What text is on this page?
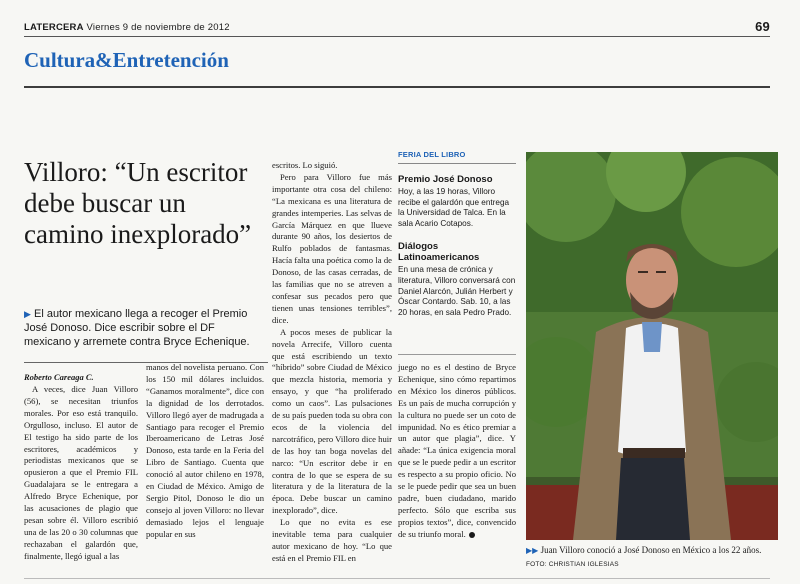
LATERCERA Viernes 9 de noviembre de 2012	69
Cultura&Entretención
Villoro: “Un escritor debe buscar un camino inexplorado”
▶ El autor mexicano llega a recoger el Premio José Donoso. Dice escribir sobre el DF mexicano y arremete contra Bryce Echenique.
Roberto Careaga C.

A veces, dice Juan Villoro (56), se necesitan triunfos morales. Por eso está tranquilo. Orgulloso, incluso. El autor de El testigo ha sido parte de los escritores, académicos y periodistas mexicanos que se opusieron a que el Premio FIL Guadalajara se le entregara a Alfredo Bryce Echenique, por las acusaciones de plagio que pesan sobre él. Villoro escribió una de las 20 o 30 columnas que rechazaban el galardón que, finalmente, llegó igual a las

manos del novelista peruano. Con los 150 mil dólares incluidos. “Ganamos moralmente”, dice con la dignidad de los derrotados. Villoro llegó ayer de madrugada a Santiago para recoger el Premio Iberoamericano de Letras José Donoso, esta tarde en la Feria del Libro de Santiago. Cuenta que conoció al autor chileno en 1978, en Ciudad de México. Amigo de Sergio Pitol, Donoso le dio un consejo al joven Villoro: no llevar demasiado lejos el lenguaje popular en sus

escritos. Lo siguió.

Pero para Villoro fue más importante otra cosa del chileno: “La mexicana es una literatura de grandes intemperies. Las selvas de García Márquez en que llueve durante 90 años, los desiertos de Rulfo poblados de fantasmas. Hacía falta una poética como la de Donoso, de las casas cerradas, de las familias que no se atreven a confesar sus pecados pero que tienen unas tensiones terribles”, dice.

A pocos meses de publicar la novela Arrecife, Villoro cuenta que está escribiendo un texto “híbrido” sobre Ciudad de México que mezcla historia, memoria y ensayo, y que “ha proliferado como un caos”. Las pulsaciones de su país pueden toda su obra con ecos de la violencia del narcotráfico, pero Villoro dice huir de las hoy tan boga novelas del narco: “Un escritor debe ir en contra de lo que se espera de su literatura y de la literatura de la época. Debe buscar un camino inexplorado”, dice.

Lo que no evita es ese inevitable tema para cualquier autor mexicano de hoy. “Lo que está en el Premio FIL en

juego no es el destino de Bryce Echenique, sino cómo repartimos en México los dineros públicos. Es un país de mucha corrupción y la cultura no puede ser un coto de impunidad. No es ético premiar a un autor que plagia”, dice. Y añade: “La única exigencia moral que se le puede pedir a un escritor es respecto a su propio oficio. No se le puede pedir que sea un buen padre, buen ciudadano, marido perfecto. Sólo que escriba sus propios textos”, dice, convencido de su triunfo moral.

FERIA DEL LIBRO
Premio José Donoso
Hoy, a las 19 horas, Villoro recibe el galardón que entrega la Universidad de Talca. En la sala Acario Cotapos.
Diálogos Latinoamericanos
En una mesa de crónica y literatura, Villoro conversará con Daniel Alarcón, Julián Herbert y Óscar Contardo. Sab. 10, a las 20 horas, en sala Pedro Prado.
▶▶ Juan Villoro conoció a José Donoso en México a los 22 años. FOTO: CHRISTIAN IGLESIAS
